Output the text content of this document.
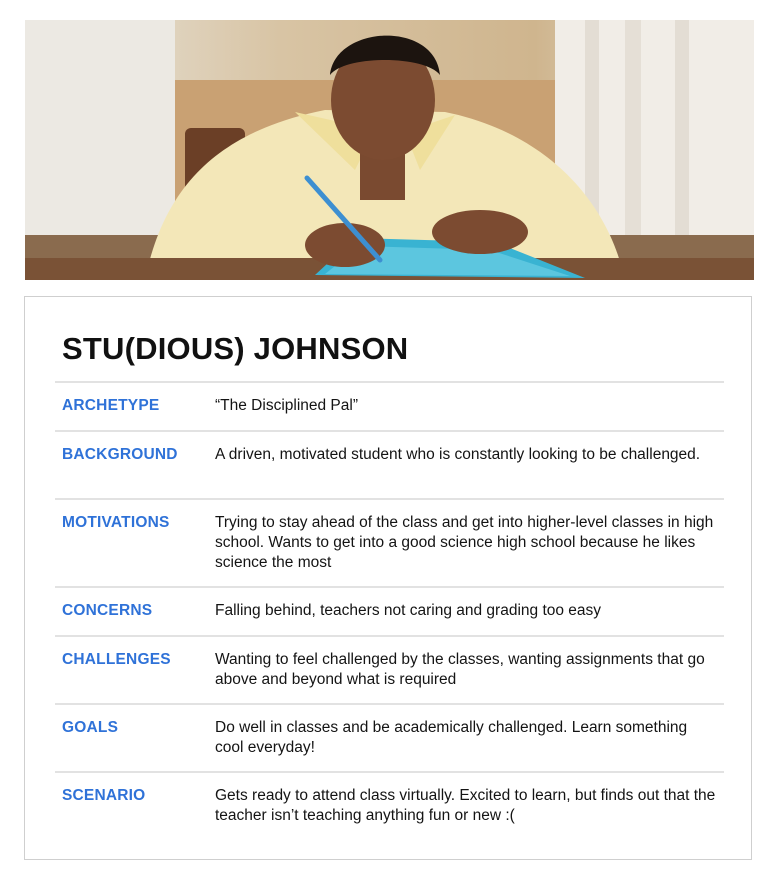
STU(DIOUS) JOHNSON
ARCHETYPE	“The Disciplined Pal”
BACKGROUND	A driven, motivated student who is constantly looking to be challenged.
MOTIVATIONS	Trying to stay ahead of the class and get into higher-level classes in high school. Wants to get into a good science high school because he likes science the most
CONCERNS	Falling behind, teachers not caring and grading too easy
CHALLENGES	Wanting to feel challenged by the classes, wanting assignments that go above and beyond what is required
GOALS	Do well in classes and be academically challenged. Learn something cool everyday!
SCENARIO	Gets ready to attend class virtually. Excited to learn, but finds out that the teacher isn’t teaching anything fun or new :(
